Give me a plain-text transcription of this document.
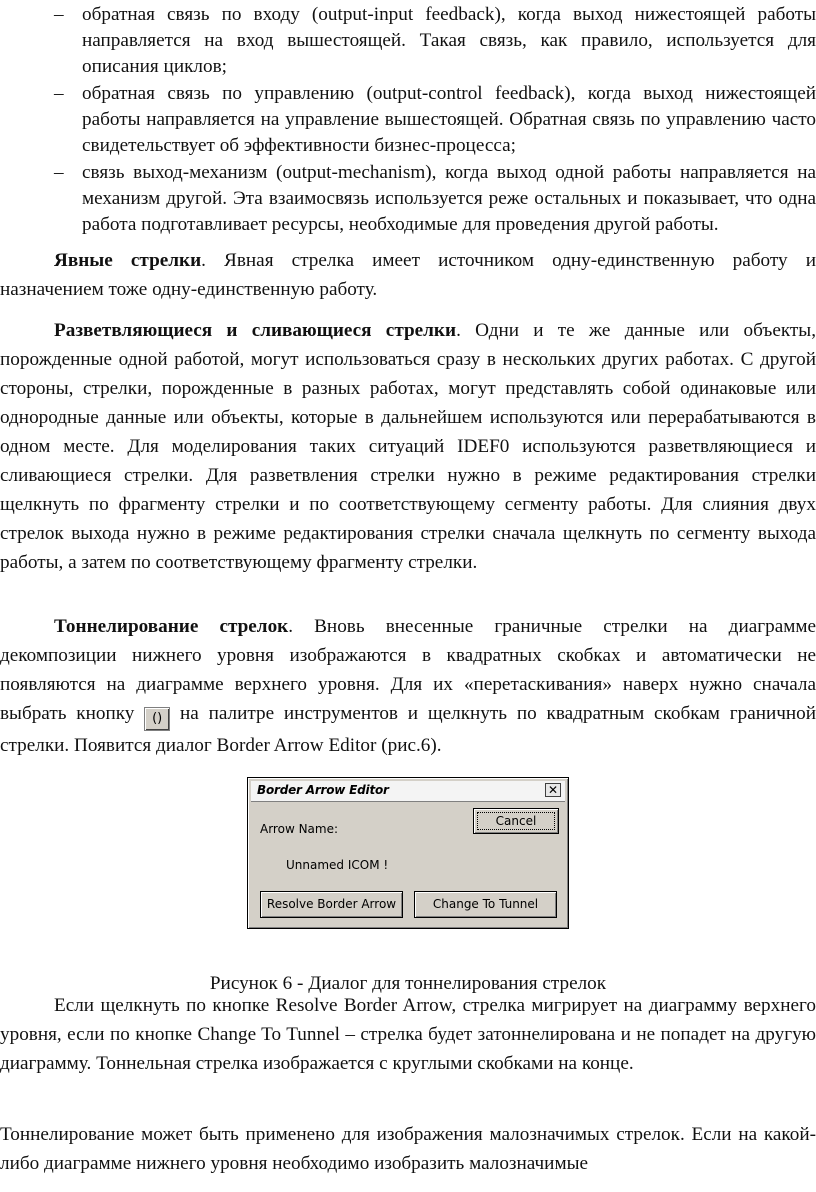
– обратная связь по входу (output-input feedback), когда выход нижестоящей работы направляется на вход вышестоящей. Такая связь, как правило, используется для описания циклов;
– обратная связь по управлению (output-control feedback), когда выход нижестоящей работы направляется на управление вышестоящей. Обратная связь по управлению часто свидетельствует об эффективности бизнес-процесса;
– связь выход-механизм (output-mechanism), когда выход одной работы направляется на механизм другой. Эта взаимосвязь используется реже остальных и показывает, что одна работа подготавливает ресурсы, необходимые для проведения другой работы.

Явные стрелки. Явная стрелка имеет источником одну-единственную работу и назначением тоже одну-единственную работу.

Разветвляющиеся и сливающиеся стрелки. Одни и те же данные или объекты, порожденные одной работой, могут использоваться сразу в нескольких других работах. С другой стороны, стрелки, порожденные в разных работах, могут представлять собой одинаковые или однородные данные или объекты, которые в дальнейшем используются или перерабатываются в одном месте. Для моделирования таких ситуаций IDEF0 используются разветвляющиеся и сливающиеся стрелки. Для разветвления стрелки нужно в режиме редактирования стрелки щелкнуть по фрагменту стрелки и по соответствующему сегменту работы. Для слияния двух стрелок выхода нужно в режиме редактирования стрелки сначала щелкнуть по сегменту выхода работы, а затем по соответствующему фрагменту стрелки.

Тоннелирование стрелок. Вновь внесенные граничные стрелки на диаграмме декомпозиции нижнего уровня изображаются в квадратных скобках и автоматически не появляются на диаграмме верхнего уровня. Для их «перетаскивания» наверх нужно сначала выбрать кнопку () на палитре инструментов и щелкнуть по квадратным скобкам граничной стрелки. Появится диалог Border Arrow Editor (рис.6).

Border Arrow Editor	✕
Arrow Name:
Unnamed ICOM !
Cancel
Resolve Border Arrow	Change To Tunnel

Рисунок 6 - Диалог для тоннелирования стрелок

Если щелкнуть по кнопке Resolve Border Arrow, стрелка мигрирует на диаграмму верхнего уровня, если по кнопке Change To Tunnel – стрелка будет затоннелирована и не попадет на другую диаграмму. Тоннельная стрелка изображается с круглыми скобками на конце.

Тоннелирование может быть применено для изображения малозначимых стрелок. Если на какой-либо диаграмме нижнего уровня необходимо изобразить малозначимые
